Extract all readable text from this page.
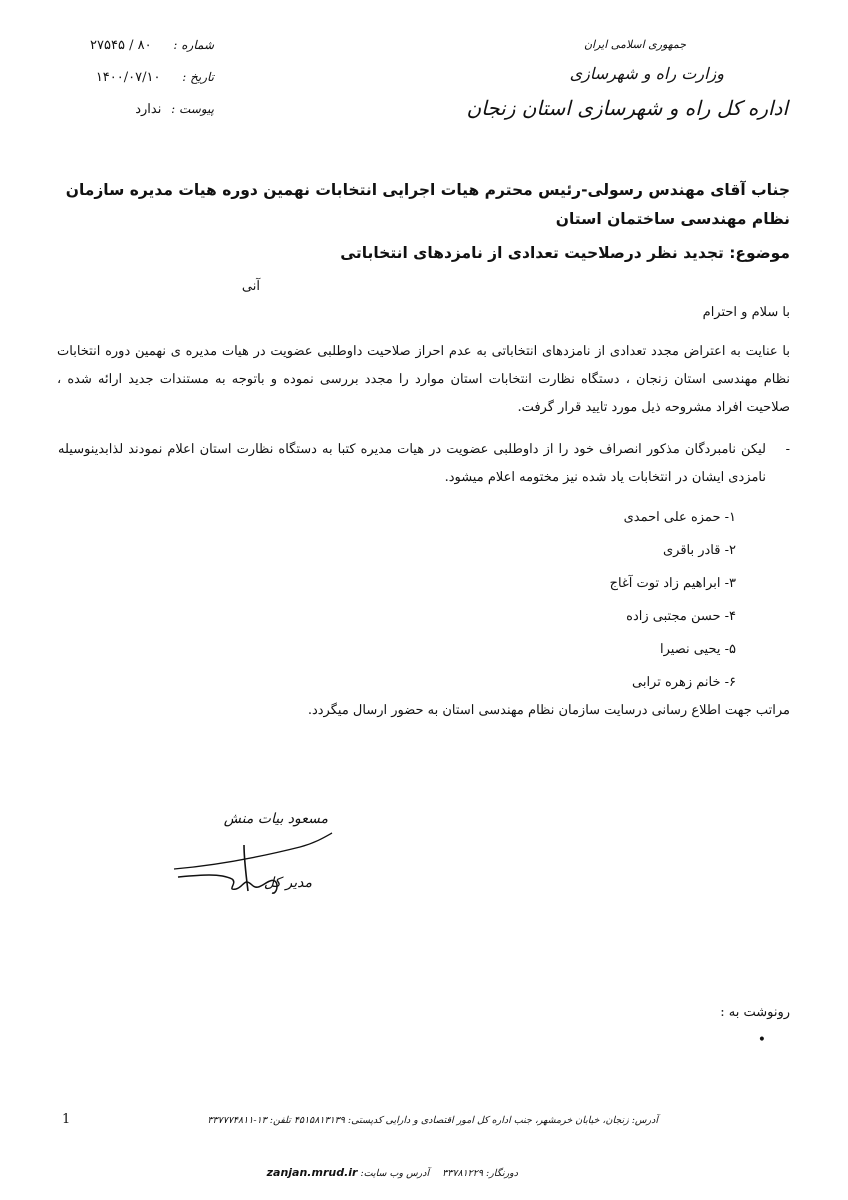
شماره : ۸۰ / ۲۷۵۴۵
تاریخ : ۱۴۰۰/۰۷/۱۰
پیوست : ندارد
جمهوری اسلامی ایران
وزارت راه و شهرسازی
اداره کل راه و شهرسازی استان زنجان
جناب آقای مهندس رسولی-رئیس محترم هیات اجرایی انتخابات نهمین دوره هیات مدیره سازمان نظام مهندسی ساختمان استان
موضوع: تجدید نظر درصلاحیت تعدادی از نامزدهای انتخاباتی
آنی
با سلام و احترام
با عنایت به اعتراض مجدد تعدادی از نامزدهای انتخاباتی به عدم احراز صلاحیت داوطلبی عضویت در هیات مدیره ی نهمین دوره انتخابات نظام مهندسی استان زنجان ، دستگاه نظارت انتخابات استان موارد را مجدد بررسی نموده و باتوجه به مستندات جدید ارائه شده ، صلاحیت افراد مشروحه ذیل مورد تایید قرار گرفت.
-
لیکن نامبردگان مذکور انصراف خود را از داوطلبی عضویت در هیات مدیره کتبا به دستگاه نظارت استان اعلام نمودند لذابدینوسیله نامزدی ایشان در انتخابات یاد شده نیز مختومه اعلام میشود.
۱- حمزه علی احمدی
۲- قادر باقری
۳- ابراهیم زاد توت آغاج
۴- حسن مجتبی زاده
۵- یحیی نصیرا
۶- خانم زهره ترابی
مراتب جهت اطلاع رسانی درسایت سازمان نظام مهندسی استان به حضور ارسال میگردد.
مسعود بیات منش
مدیر کل
رونوشت به :
•
1	آدرس: زنجان، خیابان خرمشهر، جنب اداره کل امور اقتصادی و دارایی کدپستی: ۴۵۱۵۸۱۳۱۳۹ تلفن: ۱۳-۳۳۷۷۷۴۸۱۱
دورنگار: ۳۳۷۸۱۲۲۹ آدرس وب سایت: zanjan.mrud.ir
